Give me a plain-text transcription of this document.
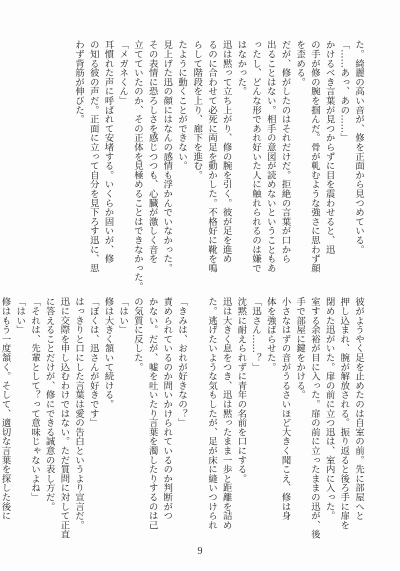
た。綺麗の高い音が、修を正面から見つめている。

「……あっ、あの……」

かけるべき言葉が見つからずに目を震わせると、迅

の手が修の腕を掴んだ。骨が軋むような強さに思わず顔

を歪める。

だが、修がしたのはそれだけだ。拒絶の言葉が口から

出ることはない。相手の意図が読めないということもあ

ったし、どんな形であれ好いた人に触れられるのは嫌で

はなかった。

迅は黙って立ち上がり、修の腕を引く。彼が足を進め

るのに合わせて必死に両足を動かした。不格好に靴を鳴

らして階段を上り、廊下を進む。

たように動くことができない。

見上げた迅の顔にはなんの感情も浮かんでいなかった。

その表情に恐ろしさを感じつつも、心臓が激しく音を

立てていたのか、その正体を見極めることはできなかった。

「メガネくん」

耳慣れた声に呼ばれて安堵する。いくらか固いが、修

の知る彼の声だ。正面に立って自分を見下ろす迅に、思

わず背筋が伸びた。

彼がようやく足を止めたのは自室の前。先に部屋へと

押し込まれ、腕が解放される。振り返ると後ろ手に扉を

閉めた迅がいた。扉の前に立つ迅は、室内に入った。

室する余裕が目に入った。扉の前に立ったままの迅が、後

手で部屋に鍵をかける。

小さなはずの音がうるさいほど大きく聞こえ、修は身

体を強ばらせた。

「迅さん……？」

沈黙に耐えられずに青年の名前を口にする。

迅は大きく息をつき、迅は黙ったまま一歩と距離を詰め

た。逃げたいような気もしたが、足が床に縫いつけられ

「きみは、おれが好きなの？」

責められているのか問いかけられているのか判断がつ

かない。だが、嘘を吐いたり言葉を濁したりするのは己

の気質に反した。

「はい」

修は大きく頷いて続ける。

「ぼくは、迅さんが好きです」

はっきりと口にした言葉は愛の告白というより宣言だ。

迅に交際を申し込むわけではない。ただ質問に対して正直

に答えることだけが、修にできる誠意の表し方だ。

「それは、先輩として？って意味じゃないよね」

「はい」

修はもう一度頷く。そして、適切な言葉を探した後に

9
